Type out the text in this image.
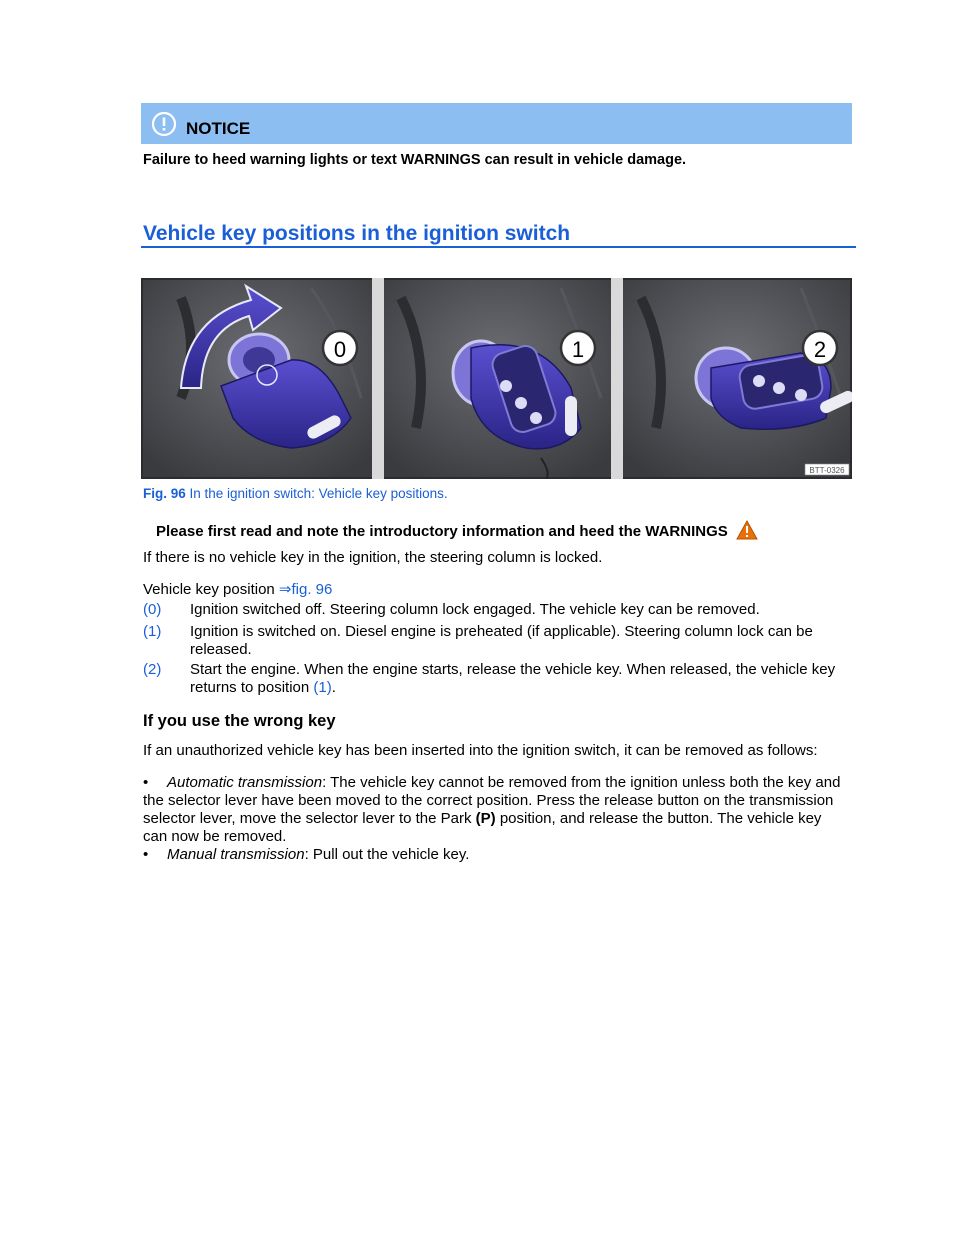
NOTICE
Failure to heed warning lights or text WARNINGS can result in vehicle damage.
Vehicle key positions in the ignition switch
0	1	2
BTT-0326
Fig. 96 In the ignition switch: Vehicle key positions.
Please first read and note the introductory information and heed the WARNINGS
If there is no vehicle key in the ignition, the steering column is locked.
Vehicle key position ⇒fig. 96
(0) Ignition switched off. Steering column lock engaged. The vehicle key can be removed.
(1) Ignition is switched on. Diesel engine is preheated (if applicable). Steering column lock can be released.
(2) Start the engine. When the engine starts, release the vehicle key. When released, the vehicle key returns to position (1).
If you use the wrong key
If an unauthorized vehicle key has been inserted into the ignition switch, it can be removed as follows:
• Automatic transmission: The vehicle key cannot be removed from the ignition unless both the key and the selector lever have been moved to the correct position. Press the release button on the transmission selector lever, move the selector lever to the Park (P) position, and release the button. The vehicle key can now be removed.
• Manual transmission: Pull out the vehicle key.
